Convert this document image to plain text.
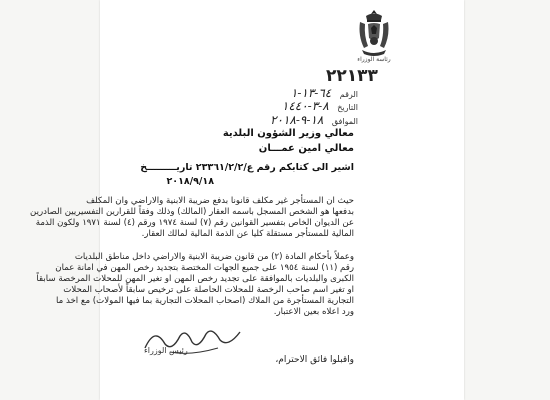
رئاسة الوزراء
٢٢١٣٣
الرقم ٦٤-١٣-١
التاريخ ٨-٣-١٤٤٠
الموافق ١٨-٩-٢٠١٨
معالي وزير الشؤون البلدية
معالي امين عمـــان
اشير الى كتابكم رقم ع/٢٣٣٦١/٢/٢ تاريـــــــــخ
٢٠١٨/٩/١٨
حيث ان المستأجر غير مكلف قانونا بدفع ضريبة الابنية والاراضي وان المكلف
بدفعها هو الشخص المسجل باسمه العقار (المالك) وذلك وفقاً للقرارين التفسيريين الصادرين
عن الديوان الخاص بتفسير القوانين رقم (٧) لسنة ١٩٧٤ ورقم (٤) لسنة ١٩٧١ ولكون الذمة
المالية للمستأجر مستقلة كليا عن الذمة المالية لمالك العقار.
وعملاً بأحكام المادة (٢) من قانون ضريبة الابنية والاراضي داخل مناطق البلديات
رقم (١١) لسنة ١٩٥٤ على جميع الجهات المختصة بتجديد رخص المهن في امانة عمان
الكبرى والبلديات بالموافقة على تجديد رخص المهن او تغير المهن للمحلات المرخصة سابقاً
او تغير اسم صاحب الرخصة للمحلات الحاصلة على ترخيص سابقاً لأصحاب المحلات
التجارية المستأجرة من الملاك (اصحاب المحلات التجارية بما فيها المولات) مع اخذ ما
ورد اعلاه بعين الاعتبار.
رئيس الوزراء
واقبلوا فائق الاحترام،
